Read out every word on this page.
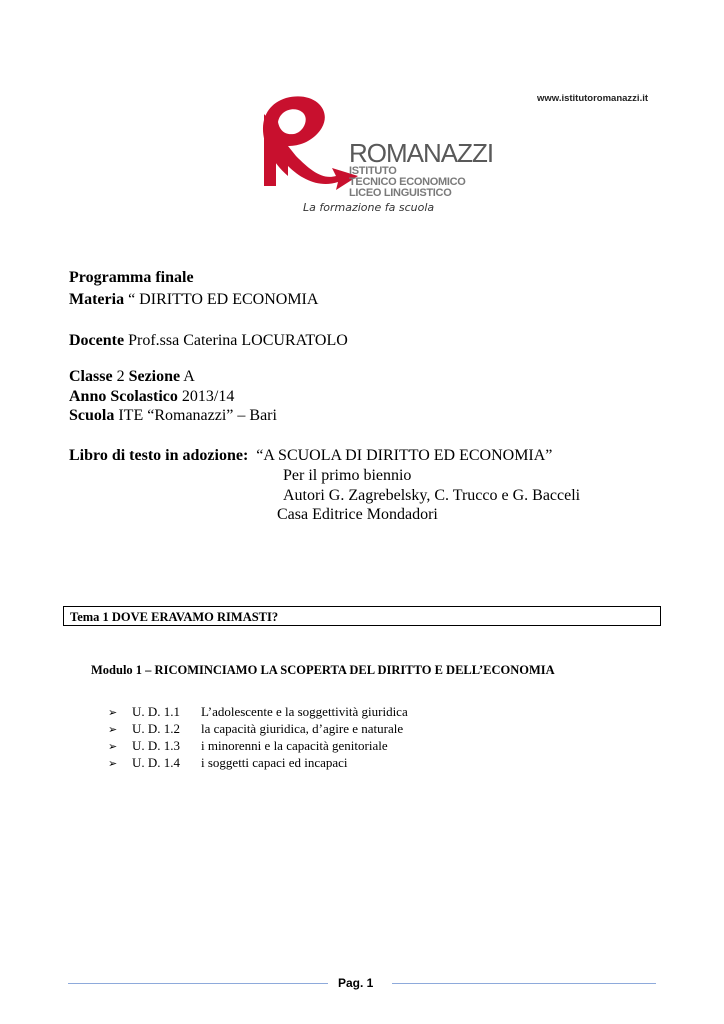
www.istitutoromanazzi.it
ROMANAZZI
ISTITUTO
TECNICO ECONOMICO
LICEO LINGUISTICO
La formazione fa scuola
Programma finale
Materia “ DIRITTO ED ECONOMIA
Docente Prof.ssa Caterina LOCURATOLO
Classe 2 Sezione A
Anno Scolastico 2013/14
Scuola ITE “Romanazzi” – Bari
Libro di testo in adozione: “A SCUOLA DI DIRITTO ED ECONOMIA”
Per il primo biennio
Autori G. Zagrebelsky, C. Trucco e G. Bacceli
Casa Editrice Mondadori
Tema 1 DOVE ERAVAMO RIMASTI?
Modulo 1 – RICOMINCIAMO LA SCOPERTA DEL DIRITTO E DELL’ECONOMIA
➢ U. D. 1.1 L’adolescente e la soggettività giuridica
➢ U. D. 1.2 la capacità giuridica, d’agire e naturale
➢ U. D. 1.3 i minorenni e la capacità genitoriale
➢ U. D. 1.4 i soggetti capaci ed incapaci
Pag. 1
